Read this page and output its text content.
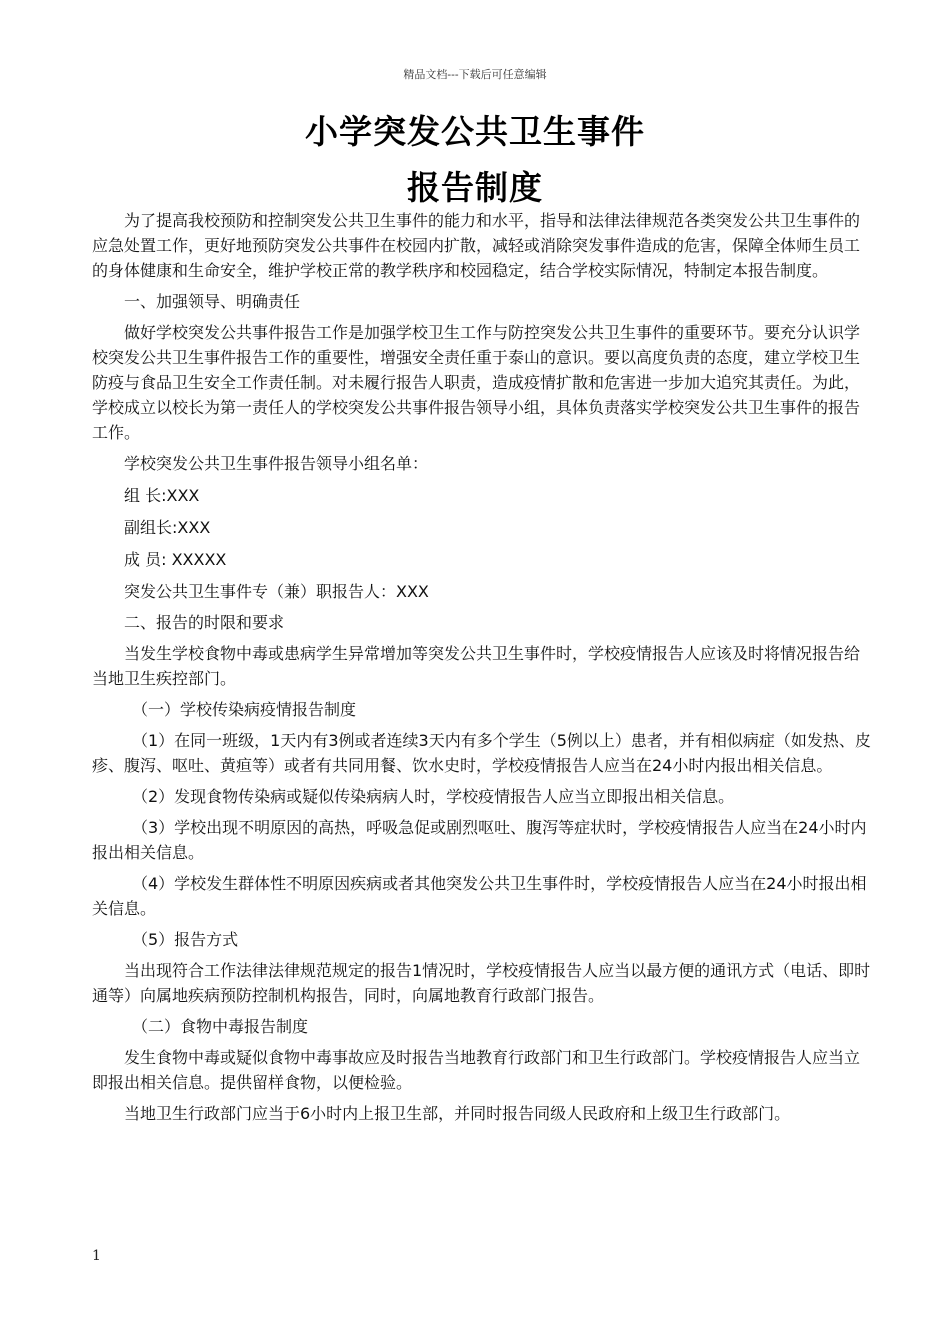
精品文档---下载后可任意编辑
小学突发公共卫生事件
报告制度

为了提高我校预防和控制突发公共卫生事件的能力和水平，指导和法律法律规范各类突发公共卫生事件的应急处置工作，更好地预防突发公共事件在校园内扩散，减轻或消除突发事件造成的危害，保障全体师生员工的身体健康和生命安全，维护学校正常的教学秩序和校园稳定，结合学校实际情况，特制定本报告制度。

一、加强领导、明确责任

做好学校突发公共事件报告工作是加强学校卫生工作与防控突发公共卫生事件的重要环节。要充分认识学校突发公共卫生事件报告工作的重要性，增强安全责任重于泰山的意识。要以高度负责的态度，建立学校卫生防疫与食品卫生安全工作责任制。对未履行报告人职责，造成疫情扩散和危害进一步加大追究其责任。为此，学校成立以校长为第一责任人的学校突发公共事件报告领导小组，具体负责落实学校突发公共卫生事件的报告工作。

学校突发公共卫生事件报告领导小组名单：

组 长:XXX

副组长:XXX

成 员: XXXXX

突发公共卫生事件专（兼）职报告人：XXX

二、报告的时限和要求

当发生学校食物中毒或患病学生异常增加等突发公共卫生事件时，学校疫情报告人应该及时将情况报告给当地卫生疾控部门。

（一）学校传染病疫情报告制度

（1）在同一班级，1天内有3例或者连续3天内有多个学生（5例以上）患者，并有相似病症（如发热、皮疹、腹泻、呕吐、黄疸等）或者有共同用餐、饮水史时，学校疫情报告人应当在24小时内报出相关信息。

（2）发现食物传染病或疑似传染病病人时，学校疫情报告人应当立即报出相关信息。

（3）学校出现不明原因的高热，呼吸急促或剧烈呕吐、腹泻等症状时，学校疫情报告人应当在24小时内报出相关信息。

（4）学校发生群体性不明原因疾病或者其他突发公共卫生事件时，学校疫情报告人应当在24小时报出相关信息。

（5）报告方式

当出现符合工作法律法律规范规定的报告1情况时，学校疫情报告人应当以最方便的通讯方式（电话、即时通等）向属地疾病预防控制机构报告，同时，向属地教育行政部门报告。

（二）食物中毒报告制度

发生食物中毒或疑似食物中毒事故应及时报告当地教育行政部门和卫生行政部门。学校疫情报告人应当立即报出相关信息。提供留样食物，以便检验。

当地卫生行政部门应当于6小时内上报卫生部，并同时报告同级人民政府和上级卫生行政部门。

1
